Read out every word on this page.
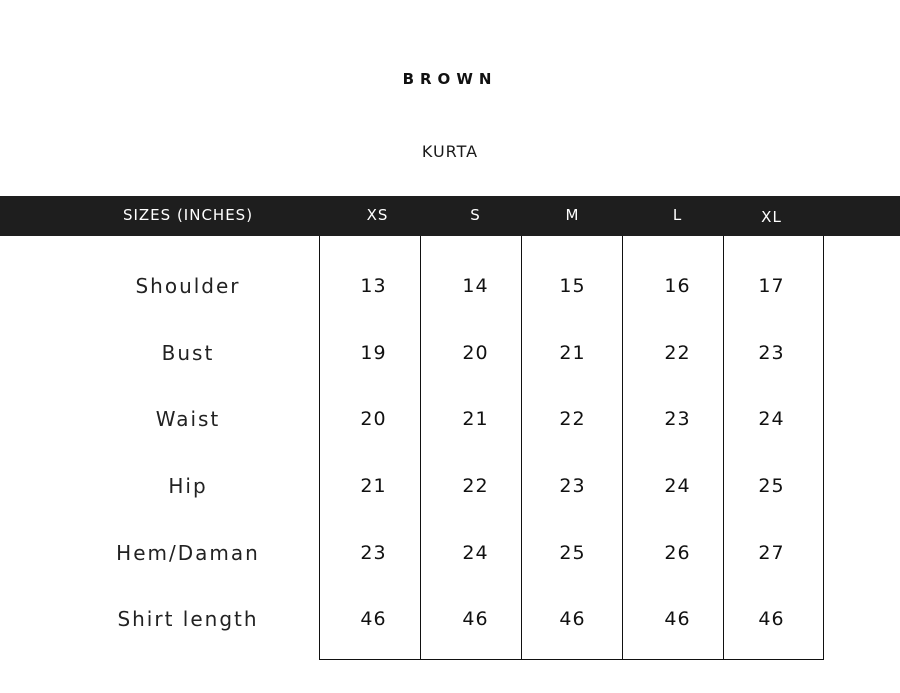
BROWN
KURTA
SIZES (INCHES)	XS	S	M	L	XL
Shoulder	13	14	15	16	17
Bust	19	20	21	22	23
Waist	20	21	22	23	24
Hip	21	22	23	24	25
Hem/Daman	23	24	25	26	27
Shirt length	46	46	46	46	46
